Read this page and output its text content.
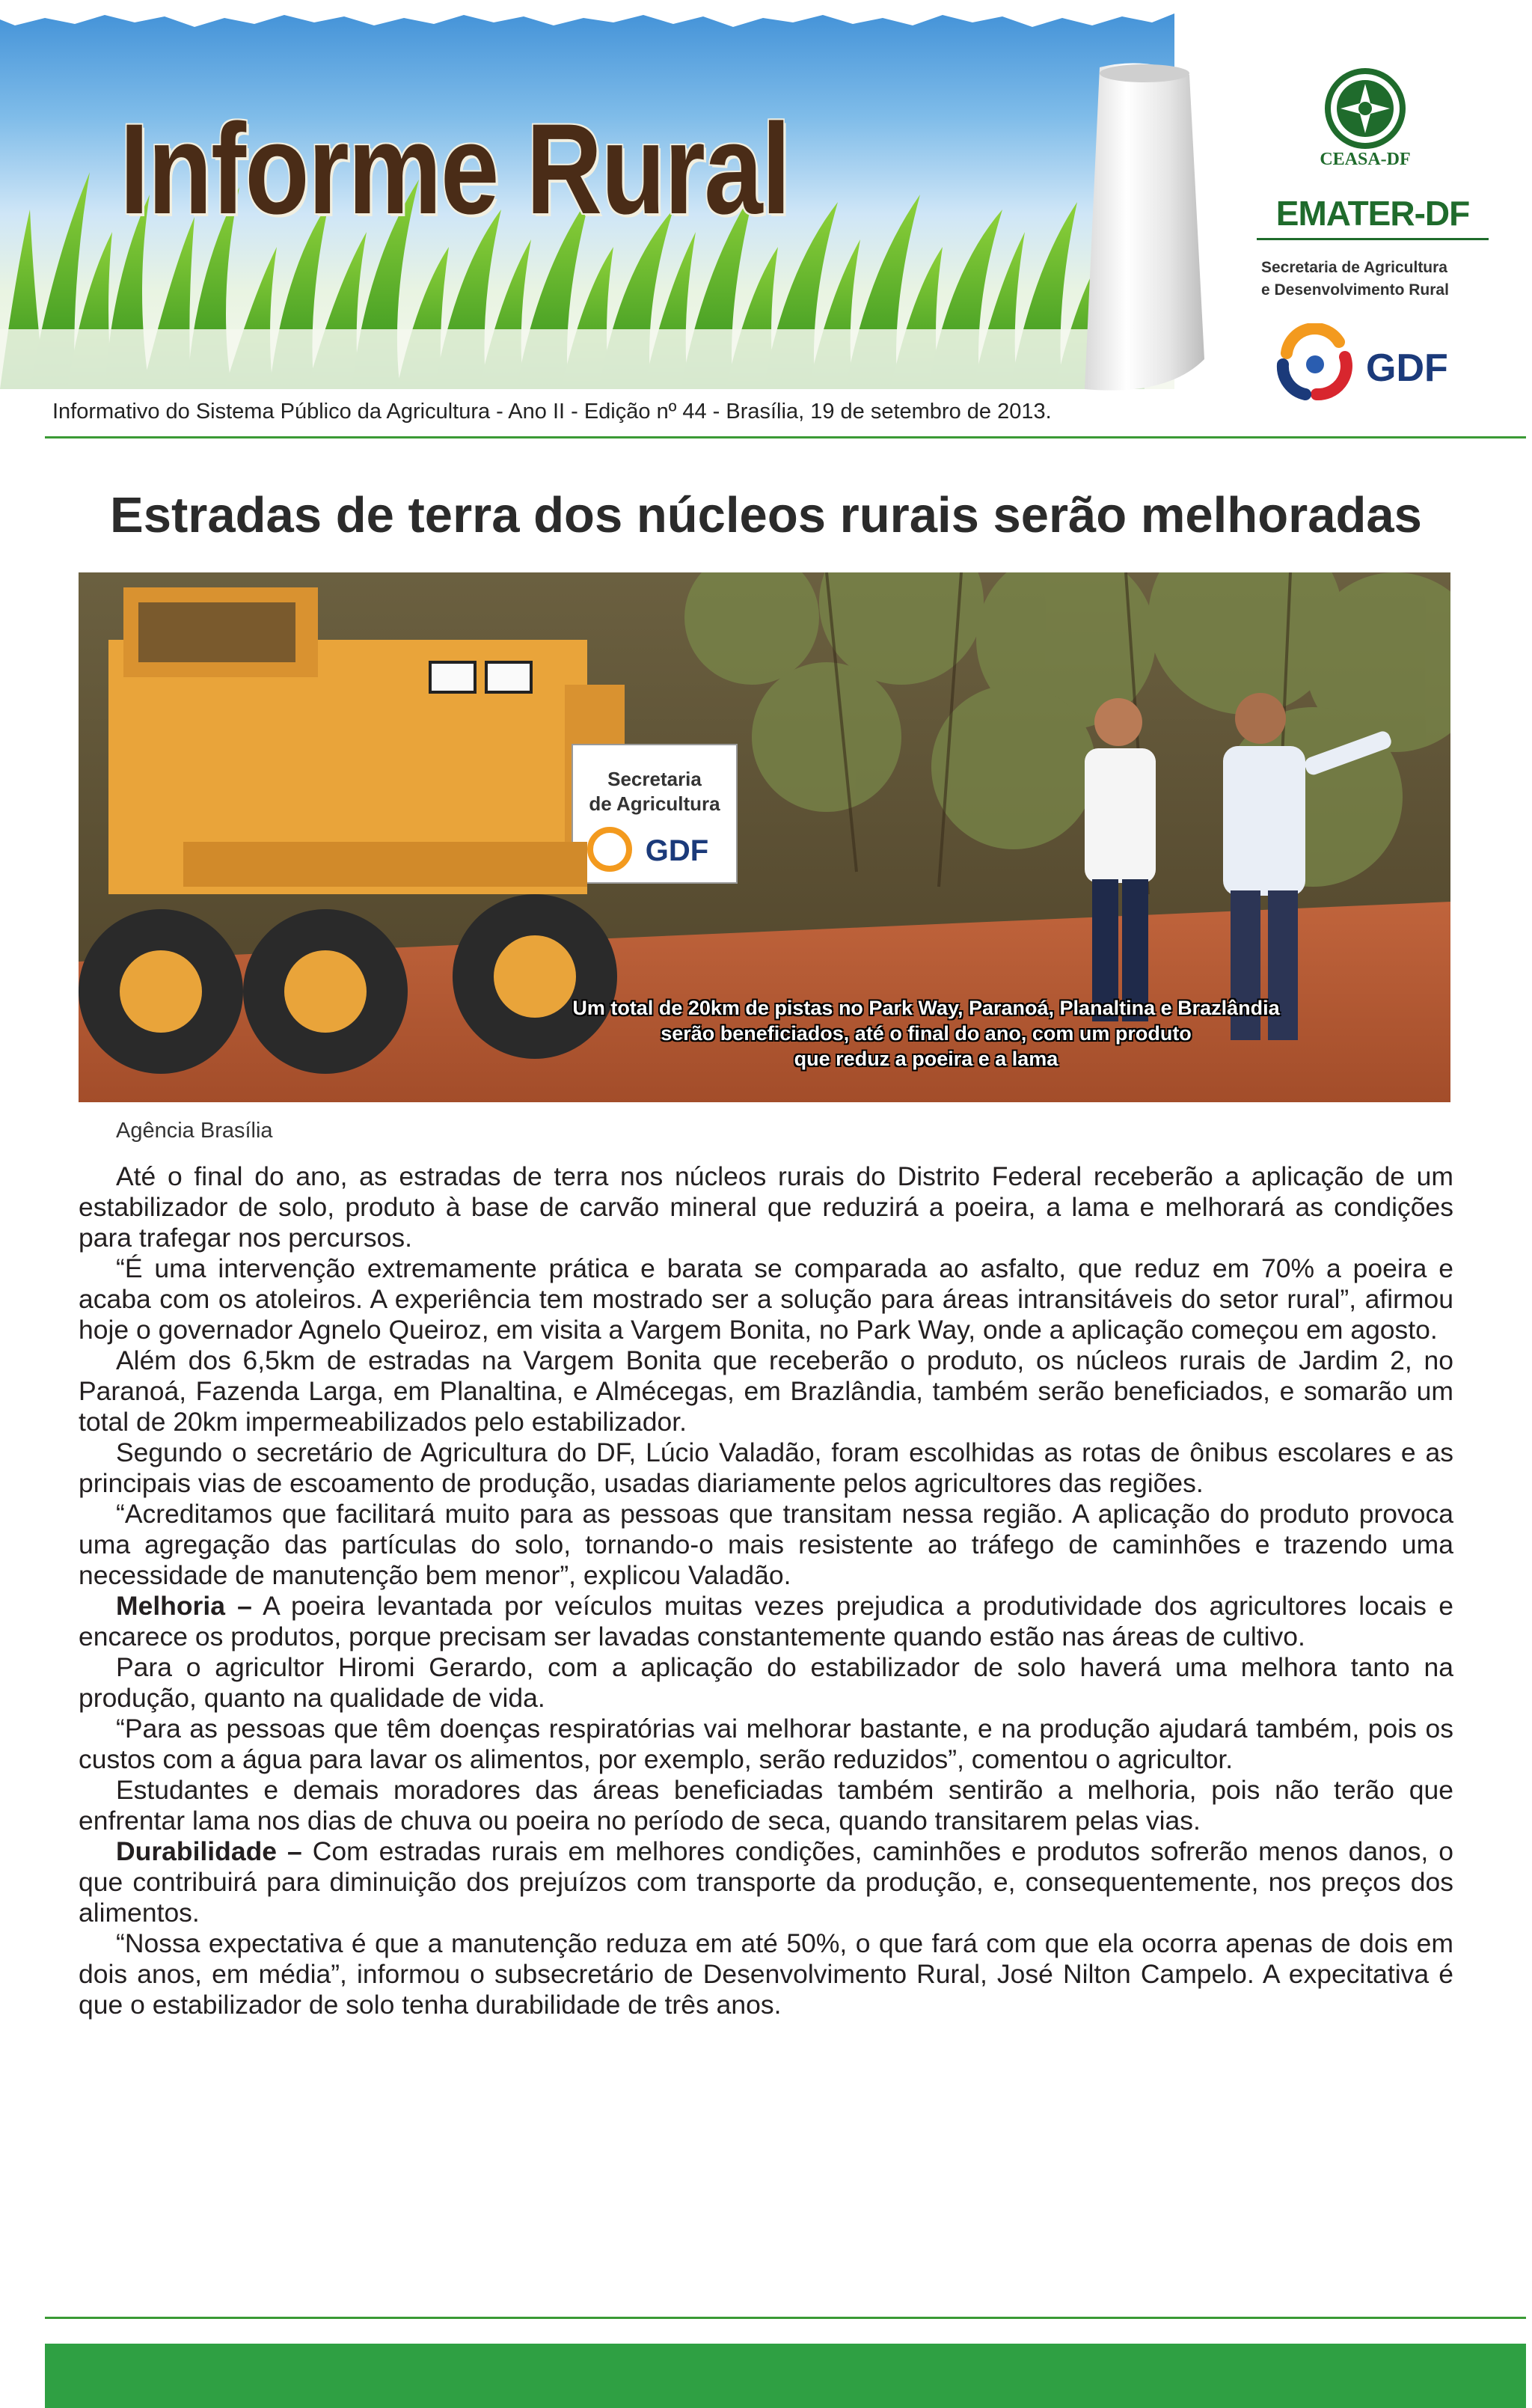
Informe Rural
Informativo do Sistema Público da Agricultura - Ano II - Edição nº 44 - Brasília, 19 de setembro de 2013.
CEASA-DF
EMATER-DF
Secretaria de Agricultura
e Desenvolvimento Rural
GDF
Estradas de terra dos núcleos rurais serão melhoradas
Secretaria
de Agricultura
GDF
Um total de 20km de pistas no Park Way, Paranoá, Planaltina e Brazlândia
serão beneficiados, até o final do ano, com um produto
que reduz a poeira e a lama
Agência Brasília

Até o final do ano, as estradas de terra nos núcleos rurais do Distrito Federal receberão a aplicação de um estabilizador de solo, produto à base de carvão mineral que reduzirá a poeira, a lama e melhorará as condições para trafegar nos percursos.

“É uma intervenção extremamente prática e barata se comparada ao asfalto, que reduz em 70% a poeira e acaba com os atoleiros. A experiência tem mostrado ser a solução para áreas intransitáveis do setor rural”, afirmou hoje o governador Agnelo Queiroz, em visita a Vargem Bonita, no Park Way, onde a aplicação começou em agosto.

Além dos 6,5km de estradas na Vargem Bonita que receberão o produto, os núcleos rurais de Jardim 2, no Paranoá, Fazenda Larga, em Planaltina, e Almécegas, em Brazlândia, também serão beneficiados, e somarão um total de 20km impermeabilizados pelo estabilizador.

Segundo o secretário de Agricultura do DF, Lúcio Valadão, foram escolhidas as rotas de ônibus escolares e as principais vias de escoamento de produção, usadas diariamente pelos agricultores das regiões.

“Acreditamos que facilitará muito para as pessoas que transitam nessa região. A aplicação do produto provoca uma agregação das partículas do solo, tornando-o mais resistente ao tráfego de caminhões e trazendo uma necessidade de manutenção bem menor”, explicou Valadão.

Melhoria – A poeira levantada por veículos muitas vezes prejudica a produtividade dos agricultores locais e encarece os produtos, porque precisam ser lavadas constantemente quando estão nas áreas de cultivo.

Para o agricultor Hiromi Gerardo, com a aplicação do estabilizador de solo haverá uma melhora tanto na produção, quanto na qualidade de vida.

“Para as pessoas que têm doenças respiratórias vai melhorar bastante, e na produção ajudará também, pois os custos com a água para lavar os alimentos, por exemplo, serão reduzidos”, comentou o agricultor.

Estudantes e demais moradores das áreas beneficiadas também sentirão a melhoria, pois não terão que enfrentar lama nos dias de chuva ou poeira no período de seca, quando transitarem pelas vias.

Durabilidade – Com estradas rurais em melhores condições, caminhões e produtos sofrerão menos danos, o que contribuirá para diminuição dos prejuízos com transporte da produção, e, consequentemente, nos preços dos alimentos.

“Nossa expectativa é que a manutenção reduza em até 50%, o que fará com que ela ocorra apenas de dois em dois anos, em média”, informou o subsecretário de Desenvolvimento Rural, José Nilton Campelo. A expecitativa é que o estabilizador de solo tenha durabilidade de três anos.
